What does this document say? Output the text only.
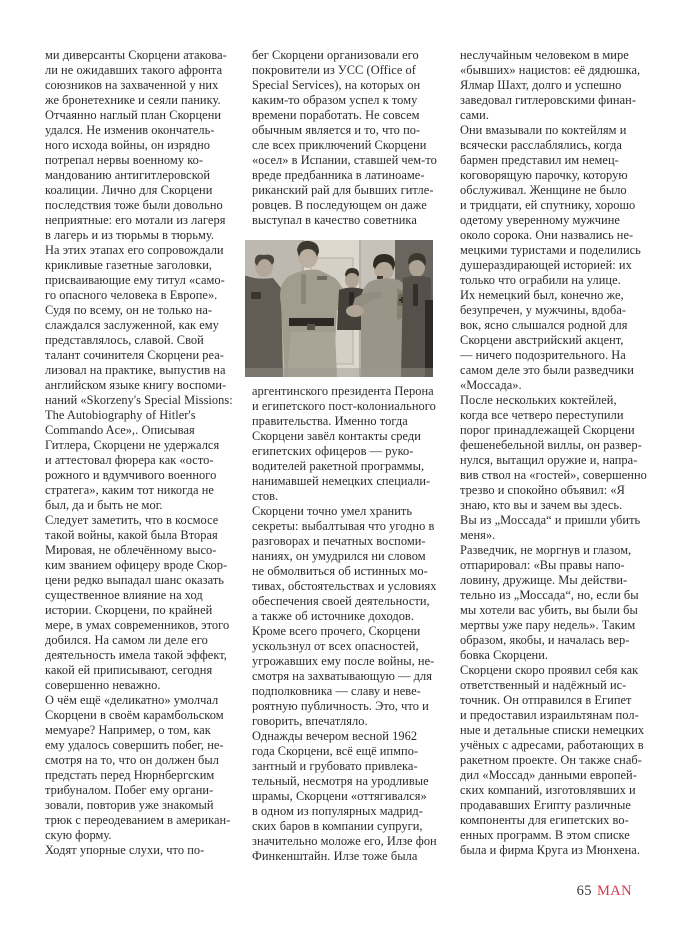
ми диверсанты Скорцени атакова-
ли не ожидавших такого афронта
союзников на захваченной у них
же бронетехнике и сеяли панику.
Отчаянно наглый план Скорцени
удался. Не изменив окончатель-
ного исхода войны, он изрядно
потрепал нервы военному ко-
мандованию антигитлеровской
коалиции. Лично для Скорцени
последствия тоже были довольно
неприятные: его мотали из лагеря
в лагерь и из тюрьмы в тюрьму.
На этих этапах его сопровождали
крикливые газетные заголовки,
присваивающие ему титул «само-
го опасного человека в Европе».
Судя по всему, он не только на-
слаждался заслуженной, как ему
представлялось, славой. Свой
талант сочинителя Скорцени реа-
лизовал на практике, выпустив на
английском языке книгу воспоми-
наний «Skorzeny's Special Missions:
The Autobiography of Hitler's
Commando Ace»,. Описывая
Гитлера, Скорцени не удержался
и аттестовал фюрера как «осто-
рожного и вдумчивого военного
стратега», каким тот никогда не
был, да и быть не мог.
Следует заметить, что в космосе
такой войны, какой была Вторая
Мировая, не облечённому высо-
ким званием офицеру вроде Скор-
цени редко выпадал шанс оказать
существенное влияние на ход
истории. Скорцени, по крайней
мере, в умах современников, этого
добился. На самом ли деле его
деятельность имела такой эффект,
какой ей приписывают, сегодня
совершенно неважно.
О чём ещё «деликатно» умолчал
Скорцени в своём карамбольском
мемуаре? Например, о том, как
ему удалось совершить побег, не-
смотря на то, что он должен был
предстать перед Нюрнбергским
трибуналом. Побег ему органи-
зовали, повторив уже знакомый
трюк с переодеванием в американ-
скую форму.
Ходят упорные слухи, что по-
бег Скорцени организовали его
покровители из УСС (Office of
Special Services), на которых он
каким-то образом успел к тому
времени поработать. Не совсем
обычным является и то, что по-
сле всех приключений Скорцени
«осел» в Испании, ставшей чем-то
вреде предбанника в латиноаме-
риканский рай для бывших гитле-
ровцев. В последующем он даже
выступал в качество советника
аргентинского президента Перона
и египетского пост-колониального
правительства. Именно тогда
Скорцени завёл контакты среди
египетских офицеров — руко-
водителей ракетной программы,
нанимавшей немецких специали-
стов.
Скорцени точно умел хранить
секреты: выбалтывая что угодно в
разговорах и печатных воспоми-
наниях, он умудрился ни словом
не обмолвиться об истинных мо-
тивах, обстоятельствах и условиях
обеспечения своей деятельности,
а также об источнике доходов.
Кроме всего прочего, Скорцени
ускользнул от всех опасностей,
угрожавших ему после войны, не-
смотря на захватывающую — для
подполковника — славу и неве-
роятную публичность. Это, что и
говорить, впечатляло.
Однажды вечером весной 1962
года Скорцени, всё ещё ипмпо-
зантный и грубовато привлека-
тельный, несмотря на уродливые
шрамы, Скорцени «оттягивался»
в одном из популярных мадрид-
ских баров в компании супруги,
значительно моложе его, Илзе фон
Финкенштайн. Илзе тоже была
неслучайным человеком в мире
«бывших» нацистов: её дядюшка,
Ялмар Шахт, долго и успешно
заведовал гитлеровскими финан-
сами.
Они вмазывали по коктейлям и
всячески расслаблялись, когда
бармен представил им немец-
коговорящую парочку, которую
обслуживал. Женщине не было
и тридцати, ей спутнику, хорошо
одетому уверенному мужчине
около сорока. Они назвались не-
мецкими туристами и поделились
душераздирающей историей: их
только что ограбили на улице.
Их немецкий был, конечно же,
безупречен, у мужчины, вдоба-
вок, ясно слышался родной для
Скорцени австрийский акцент,
— ничего подозрительного. На
самом деле это были разведчики
«Моссада».
После нескольких коктейлей,
когда все четверо переступили
порог принадлежащей Скорцени
фешенебельной виллы, он развер-
нулся, вытащил оружие и, напра-
вив ствол на «гостей», совершенно
трезво и спокойно объявил: «Я
знаю, кто вы и зачем вы здесь.
Вы из „Моссада“ и пришли убить
меня».
Разведчик, не моргнув и глазом,
отпарировал: «Вы правы напо-
ловину, дружище. Мы действи-
тельно из „Моссада“, но, если бы
мы хотели вас убить, вы были бы
мертвы уже пару недель». Таким
образом, якобы, и началась вер-
бовка Скорцени.
Скорцени скоро проявил себя как
ответственный и надёжный ис-
точник. Он отправился в Египет
и предоставил израильтянам пол-
ные и детальные списки немецких
учёных с адресами, работающих в
ракетном проекте. Он также снаб-
дил «Моссад» данными европей-
ских компаний, изготовлявших и
продававших Египту различные
компоненты для египетских во-
енных программ. В этом списке
была и фирма Круга из Мюнхена.
65 MAN
